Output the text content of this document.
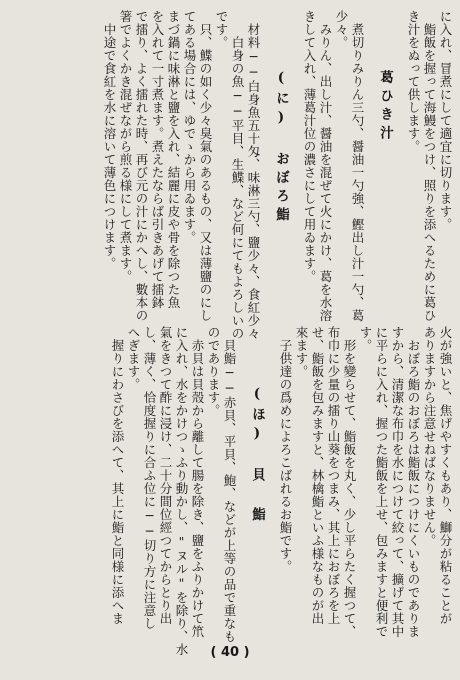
に入れ、冒煮にして適宜に切ります。
鮨飯を握って海鰻をつけ、照りを添へるために葛ひ
き汁をぬって供します。
葛ひき汁
煮切りみりん三勺、醤油一勺強、鰹出し汁一勺、葛
少々。
みりん、出し汁、醤油を混ぜて火にかけ、葛を水溶
きして入れ、薄葛汁位の濃さにして用ゐます。
(に) おぼろ鮨
材料──白身魚五十匁、味淋三勺、鹽少々、食紅少々
白身の魚──平目、生鰈、など何にてもよろしいの
です。
只、鰈の如く少々臭氣のあるもの、又は薄鹽のにし
てある場合には、ゆでゝから用ゐます。
まづ鍋に味淋と鹽を入れ、結麗に皮や骨を除つた魚
を入れて一寸煮ます。煮えたならば引きあげて擂鉢
で擂り、よく擂れた時、再び元の汁にかへし、數本の
箸でよくかき混ぜながら煎る様にして煮ます。
中途で食紅を水に溶いて薄色につけます。
火が強いと、焦げやすくもあり、鰤分が粘ることが
ありますから注意せねばなりません。
おぼろ鮨のおぼろは鮨飯につけにくいものでありま
すから、清潔な布巾を水につけて絞って、擴げて其中
に平らに入れ、握つた鮨飯を上せ、包みますと便利で
す。
形を變らせて、鮨飯を丸く、少し平らたく握つて、
布巾に少量の擂り山葵をつまみ、其上におぼろを上
せ、鮨飯を包みますと、林檎鮨といふ様なものが出
來ます。
子供達の爲めによろこばれるお鮨です。
(ほ) 貝 鮨
貝鮨──赤貝、平貝、鮑、などが上等の品で重なも
のであります。
赤貝は貝殼から離して腸を除き、鹽をふりかけて笊
に入れ、水をかけつゝふり動かし、"ヌル"を除り、水
氣をきつて酢に浸け、二十分間位經つてからとり出
し、薄く、恰度握りに合ふ位に──切り方に注意し
へぎます。
握りにわさびを添へて、其上に鮨と同様に添へま
( 40 )
